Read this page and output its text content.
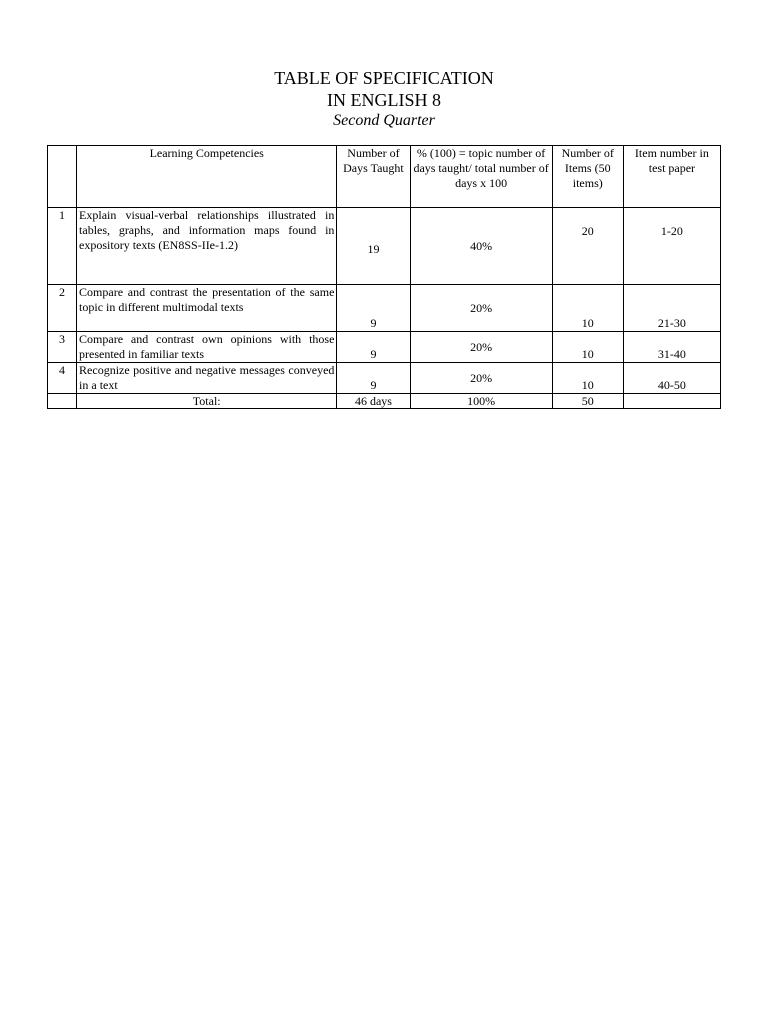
TABLE OF SPECIFICATION
IN ENGLISH 8
Second Quarter
	Learning Competencies	Number of Days Taught	% (100) = topic number of days taught/ total number of days x 100	Number of Items (50 items)	Item number in test paper
1	Explain visual-verbal relationships illustrated in tables, graphs, and information maps found in expository texts (EN8SS-IIe-1.2)	19	40%	20	1-20
2	Compare and contrast the presentation of the same topic in different multimodal texts	9	20%	10	21-30
3	Compare and contrast own opinions with those presented in familiar texts	9	20%	10	31-40
4	Recognize positive and negative messages conveyed in a text	9	20%	10	40-50
	Total:	46 days	100%	50	
